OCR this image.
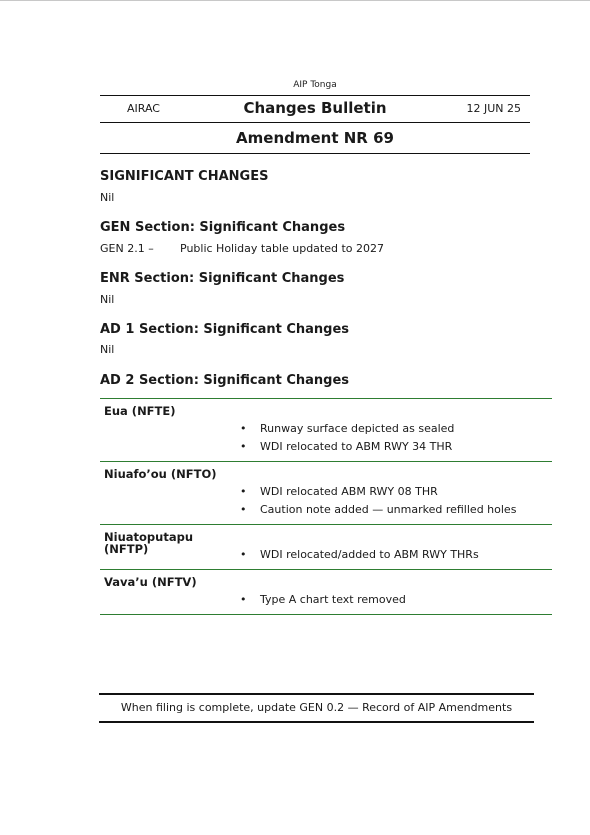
AIP Tonga
AIRAC	Changes Bulletin	12 JUN 25
Amendment NR 69
SIGNIFICANT CHANGES
Nil
GEN Section: Significant Changes
GEN 2.1 – Public Holiday table updated to 2027
ENR Section: Significant Changes
Nil
AD 1 Section: Significant Changes
Nil
AD 2 Section: Significant Changes
Eua (NFTE)
• Runway surface depicted as sealed
• WDI relocated to ABM RWY 34 THR
Niuafo’ou (NFTO)
• WDI relocated ABM RWY 08 THR
• Caution note added — unmarked refilled holes
Niuatoputapu (NFTP)	• WDI relocated/added to ABM RWY THRs
Vava’u (NFTV)
• Type A chart text removed
When filing is complete, update GEN 0.2 — Record of AIP Amendments
